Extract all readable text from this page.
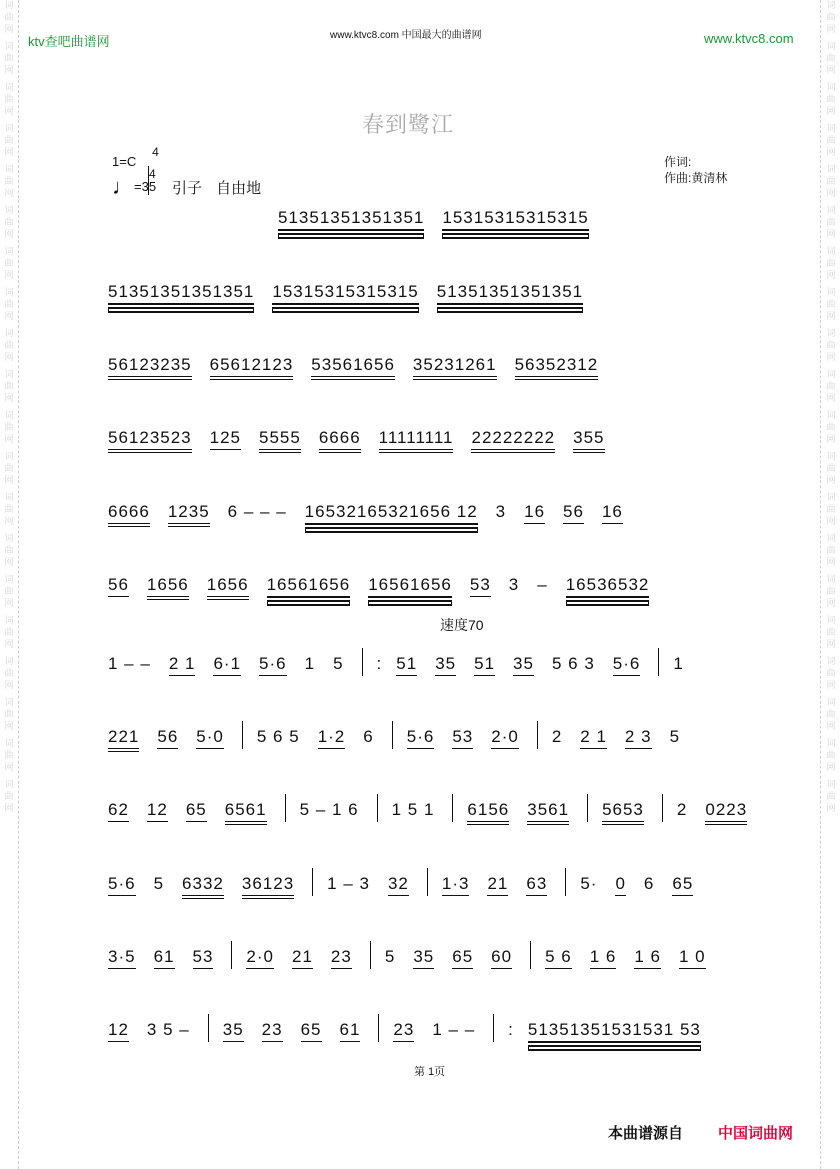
词曲网
词曲网
词曲网
词曲网
词曲网
词曲网
词曲网
词曲网
词曲网
词曲网
词曲网
词曲网
词曲网
词曲网
词曲网
词曲网
词曲网
词曲网
词曲网
词曲网
词曲网
词曲网
词曲网
词曲网
词曲网
词曲网
词曲网
词曲网
词曲网
词曲网
词曲网
词曲网
词曲网
词曲网
词曲网
词曲网
词曲网
词曲网
词曲网
词曲网
ktv查吧曲谱网	www.ktvc8.com 中国最大的曲谱网	www.ktvc8.com
春到鹭江
1=C
4
4
♩=35 引子 自由地
作词:
作曲:黄清林
速度70
51351351351351 15315315315315
51351351351351 15315315315315 51351351351351
56123235 65612123 53561656 35231261 56352312
56123523 125 5555 6666 11111111 22222222 355
6666 1235 6 – – – 16532165321656 12 3 16 56 16
56 1656 1656 16561656 16561656 53 3 – 16536532
1 – – 2 1 6·1 5·6 1 5 : 51 35 51 35 5 6 3 5·6 1
221 56 5·0 5 6 5 1·2 6 5·6 53 2·0 2 2 1 2 3 5
62 12 65 6561 5 – 1 6 1 5 1 6156 3561 5653 2 0223
5·6 5 6332 36123 1 – 3 32 1·3 21 63 5· 0 6 65
3·5 61 53 2·0 21 23 5 35 65 60 5 6 1 6 1 6 1 0
12 3 5 – 35 23 65 61 23 1 – – : 51351351531531 53
第 1页
本曲谱源自 中国词曲网
